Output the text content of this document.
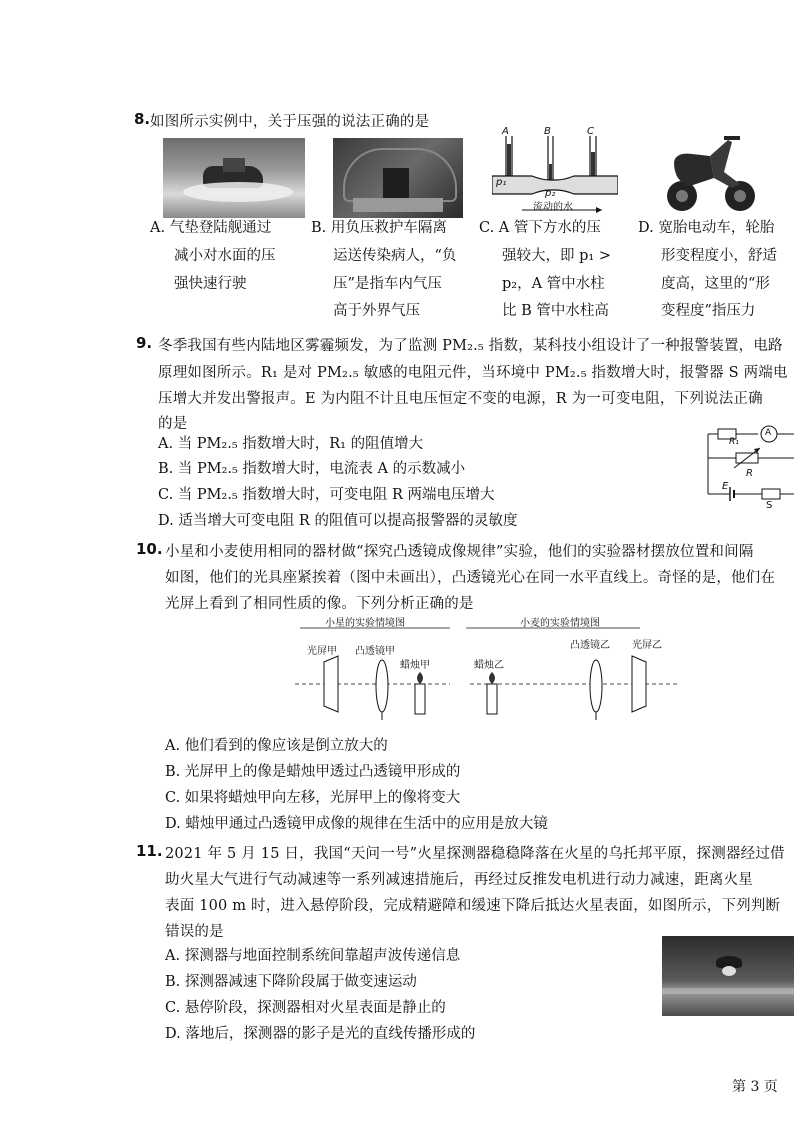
8. 如图所示实例中，关于压强的说法正确的是
A	B	C
p₁
p₂
流动的水
A. 气垫登陆舰通过
减小对水面的压
强快速行驶
B. 用负压救护车隔离
运送传染病人，“负
压”是指车内气压
高于外界气压
C. A 管下方水的压
强较大，即 p₁ >
p₂，A 管中水柱
比 B 管中水柱高
D. 宽胎电动车，轮胎
形变程度小，舒适
度高，这里的“形
变程度”指压力
9. 冬季我国有些内陆地区雾霾频发，为了监测 PM₂.₅ 指数，某科技小组设计了一种报警装置，电路
原理如图所示。R₁ 是对 PM₂.₅ 敏感的电阻元件，当环境中 PM₂.₅ 指数增大时，报警器 S 两端电
压增大并发出警报声。E 为内阻不计且电压恒定不变的电源，R 为一可变电阻，下列说法正确
的是
A. 当 PM₂.₅ 指数增大时，R₁ 的阻值增大
B. 当 PM₂.₅ 指数增大时，电流表 A 的示数减小
C. 当 PM₂.₅ 指数增大时，可变电阻 R 两端电压增大
D. 适当增大可变电阻 R 的阻值可以提高报警器的灵敏度
R₁
A
R
E
S
10. 小星和小麦使用相同的器材做“探究凸透镜成像规律”实验，他们的实验器材摆放位置和间隔
如图，他们的光具座紧挨着（图中未画出），凸透镜光心在同一水平直线上。奇怪的是，他们在
光屏上看到了相同性质的像。下列分析正确的是
小星的实验情境图	小麦的实验情境图
光屏甲 凸透镜甲
蜡烛甲	蜡烛乙
凸透镜乙 光屏乙
A. 他们看到的像应该是倒立放大的
B. 光屏甲上的像是蜡烛甲透过凸透镜甲形成的
C. 如果将蜡烛甲向左移，光屏甲上的像将变大
D. 蜡烛甲通过凸透镜甲成像的规律在生活中的应用是放大镜
11. 2021 年 5 月 15 日，我国“天问一号”火星探测器稳稳降落在火星的乌托邦平原，探测器经过借
助火星大气进行气动减速等一系列减速措施后，再经过反推发电机进行动力减速，距离火星
表面 100 m 时，进入悬停阶段，完成精避障和缓速下降后抵达火星表面，如图所示，下列判断
错误的是
A. 探测器与地面控制系统间靠超声波传递信息
B. 探测器减速下降阶段属于做变速运动
C. 悬停阶段，探测器相对火星表面是静止的
D. 落地后，探测器的影子是光的直线传播形成的
第 3 页
